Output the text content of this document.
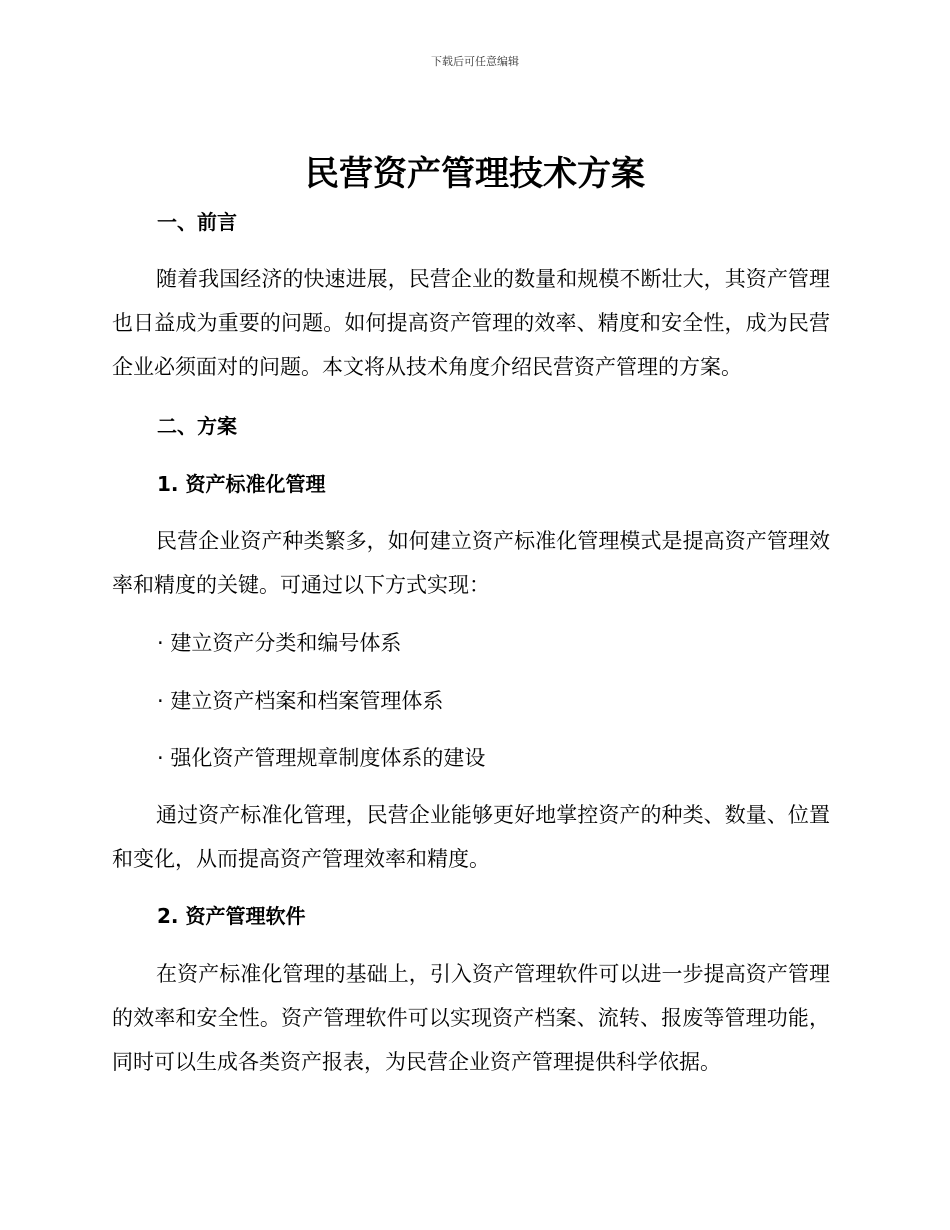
下载后可任意编辑
民营资产管理技术方案
一、前言

随着我国经济的快速进展，民营企业的数量和规模不断壮大，其资产管理也日益成为重要的问题。如何提高资产管理的效率、精度和安全性，成为民营企业必须面对的问题。本文将从技术角度介绍民营资产管理的方案。

二、方案
1. 资产标准化管理

民营企业资产种类繁多，如何建立资产标准化管理模式是提高资产管理效率和精度的关键。可通过以下方式实现：

· 建立资产分类和编号体系

· 建立资产档案和档案管理体系

· 强化资产管理规章制度体系的建设

通过资产标准化管理，民营企业能够更好地掌控资产的种类、数量、位置和变化，从而提高资产管理效率和精度。

2. 资产管理软件

在资产标准化管理的基础上，引入资产管理软件可以进一步提高资产管理的效率和安全性。资产管理软件可以实现资产档案、流转、报废等管理功能，同时可以生成各类资产报表，为民营企业资产管理提供科学依据。
